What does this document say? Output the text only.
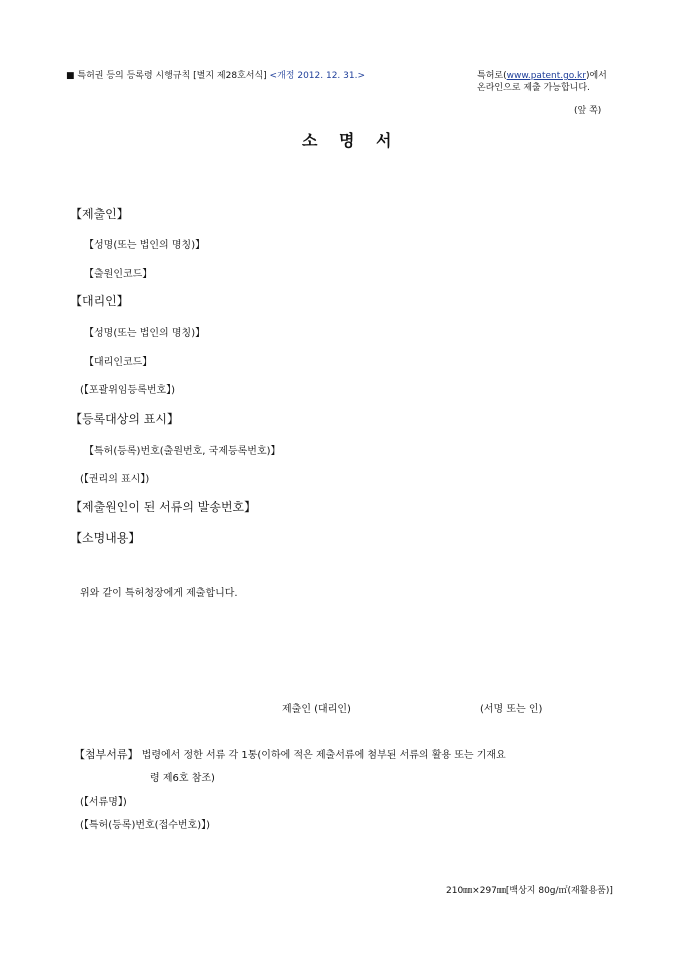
■ 특허권 등의 등록령 시행규칙 [별지 제28호서식] <개정 2012. 12. 31.>	특허로(www.patent.go.kr)에서
온라인으로 제출 가능합니다.
(앞 쪽)
소 명 서
【제출인】
【성명(또는 법인의 명칭)】
【출원인코드】
【대리인】
【성명(또는 법인의 명칭)】
【대리인코드】
(【포괄위임등록번호】)
【등록대상의 표시】
【특허(등록)번호(출원번호, 국제등록번호)】
(【권리의 표시】)
【제출원인이 된 서류의 발송번호】
【소명내용】
위와 같이 특허청장에게 제출합니다.
제출인 (대리인)	(서명 또는 인)
【첨부서류】 법령에서 정한 서류 각 1통(이하에 적은 제출서류에 첨부된 서류의 활용 또는 기재요
령 제6호 참조)
(【서류명】)
(【특허(등록)번호(접수번호)】)
210㎜×297㎜[백상지 80g/㎡(재활용품)]
